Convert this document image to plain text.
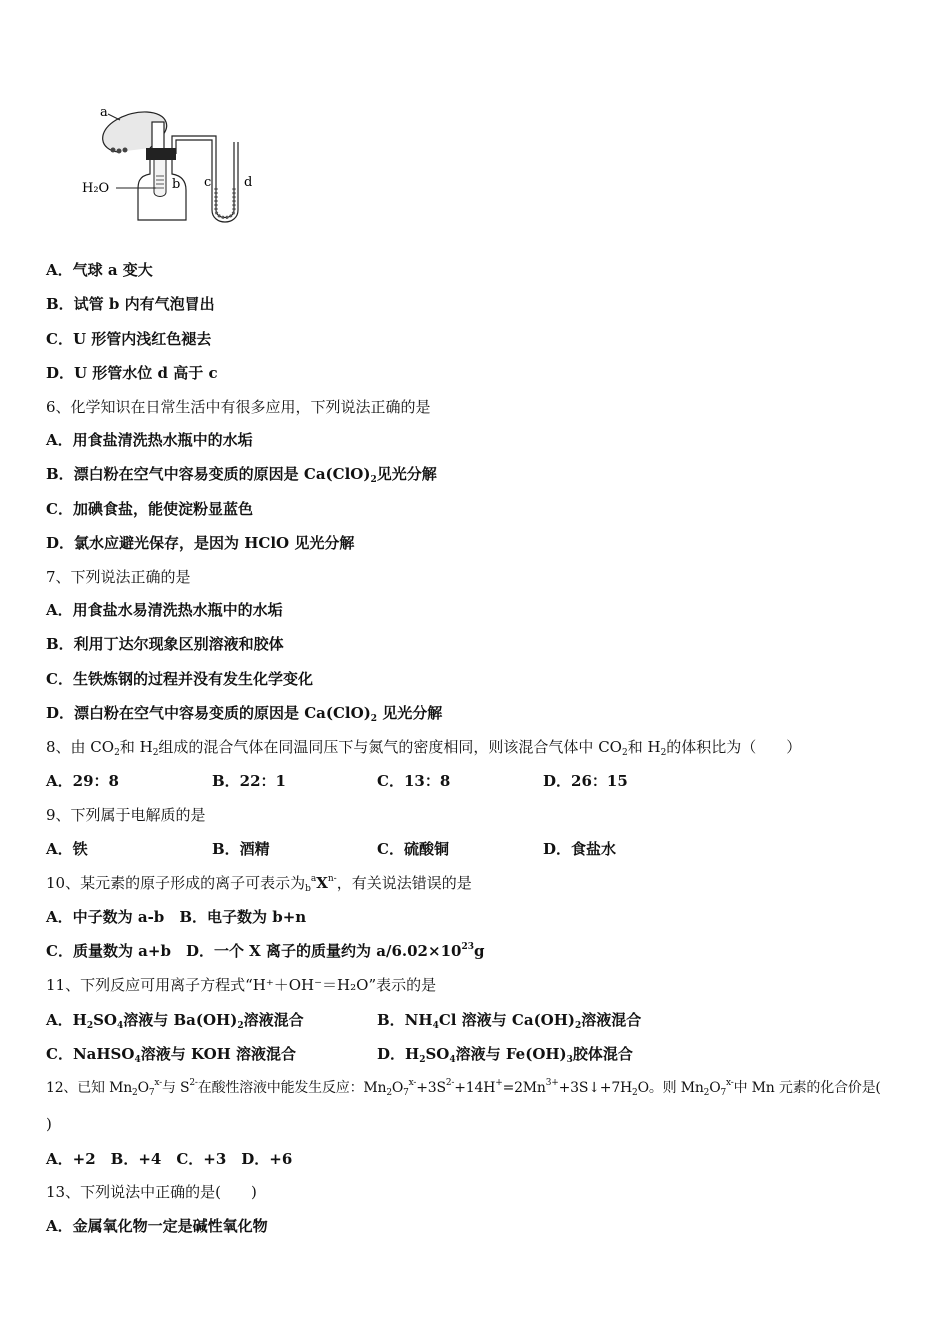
a
b
H₂O	c	d
A．气球 a 变大
B．试管 b 内有气泡冒出
C．U 形管内浅红色褪去
D．U 形管水位 d 高于 c
6、化学知识在日常生活中有很多应用，下列说法正确的是
A．用食盐清洗热水瓶中的水垢
B．漂白粉在空气中容易变质的原因是 $Ca(ClO)_2$见光分解
C．加碘食盐，能使淀粉显蓝色
D．氯水应避光保存，是因为 HClO 见光分解
7、下列说法正确的是
A．用食盐水易清洗热水瓶中的水垢
B．利用丁达尔现象区别溶液和胶体
C．生铁炼钢的过程并没有发生化学变化
D．漂白粉在空气中容易变质的原因是 $Ca(ClO)_2$ 见光分解
8、由 $CO_2$和 $H_2$组成的混合气体在同温同压下与氮气的密度相同，则该混合气体中 $CO_2$和 $H_2$的体积比为（　　）
A．29：8	B．22：1	C．13：8	D．26：15
9、下列属于电解质的是
A．铁	B．酒精	C．硫酸铜	D．食盐水
10、某元素的原子形成的离子可表示为$_b^aX^{n-}$，有关说法错误的是
A．中子数为 a-b　 B．电子数为 b+n
C．质量数为 a+b　 D．一个 X 离子的质量约为 $a/6.02\times 10^{23}g$
11、下列反应可用离子方程式“H⁺＋OH⁻＝H₂O”表示的是
A．$H_2SO_4$溶液与 $Ba(OH)_2$溶液混合	B．$NH_4Cl$ 溶液与 $Ca(OH)_2$溶液混合
C．NaHSO$_4$溶液与 KOH 溶液混合	D．$H_2SO_4$溶液与 $Fe(OH)_3$胶体混合
12、已知 $Mn_2O_7^{x-}$与 $S^{2-}$在酸性溶液中能发生反应：$Mn_2O_7^{x-}+3S^{2-}+14H^+=2Mn^{3+}+3S↓+7H_2O$。则 $Mn_2O_7^{x-}$中 Mn 元素的化合价是(
)
A．+2　B．+4　C．+3　D．+6
13、下列说法中正确的是(　　)
A．金属氧化物一定是碱性氧化物
